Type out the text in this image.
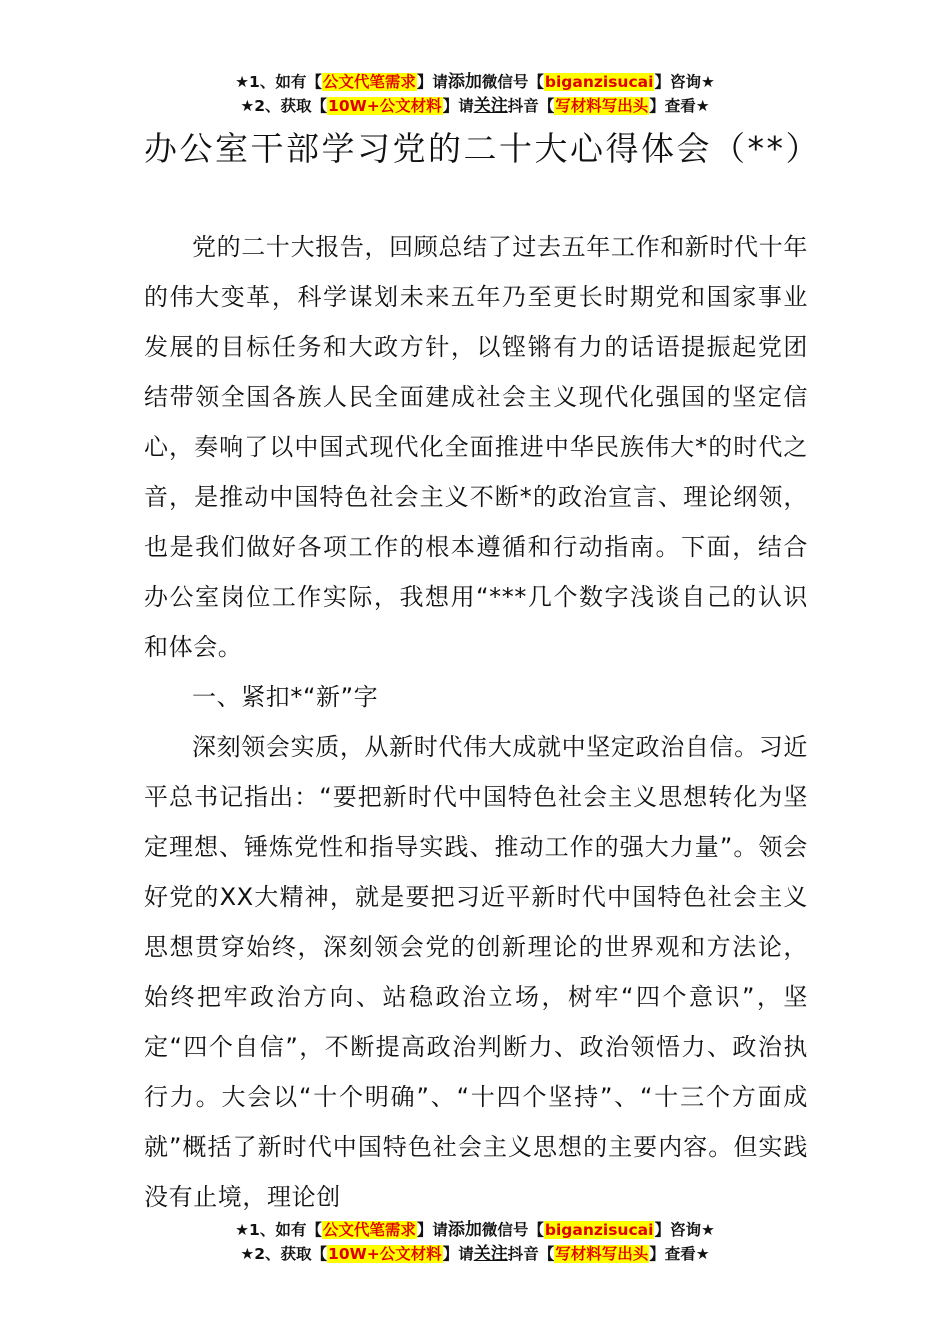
★1、如有【公文代笔需求】请添加微信号【biganzisucai】咨询★
★2、获取【10W+公文材料】请关注抖音【写材料写出头】查看★
办公室干部学习党的二十大心得体会（**）

党的二十大报告，回顾总结了过去五年工作和新时代十年的伟大变革，科学谋划未来五年乃至更长时期党和国家事业发展的目标任务和大政方针，以铿锵有力的话语提振起党团结带领全国各族人民全面建成社会主义现代化强国的坚定信心，奏响了以中国式现代化全面推进中华民族伟大*的时代之音，是推动中国特色社会主义不断*的政治宣言、理论纲领，也是我们做好各项工作的根本遵循和行动指南。下面，结合办公室岗位工作实际，我想用“***几个数字浅谈自己的认识和体会。

一、紧扣*“新”字

深刻领会实质，从新时代伟大成就中坚定政治自信。习近平总书记指出：“要把新时代中国特色社会主义思想转化为坚定理想、锤炼党性和指导实践、推动工作的强大力量”。领会好党的XX大精神，就是要把习近平新时代中国特色社会主义思想贯穿始终，深刻领会党的创新理论的世界观和方法论，始终把牢政治方向、站稳政治立场，树牢“四个意识”，坚定“四个自信”，不断提高政治判断力、政治领悟力、政治执行力。大会以“十个明确”、“十四个坚持”、“十三个方面成就”概括了新时代中国特色社会主义思想的主要内容。但实践没有止境，理论创

★1、如有【公文代笔需求】请添加微信号【biganzisucai】咨询★
★2、获取【10W+公文材料】请关注抖音【写材料写出头】查看★
